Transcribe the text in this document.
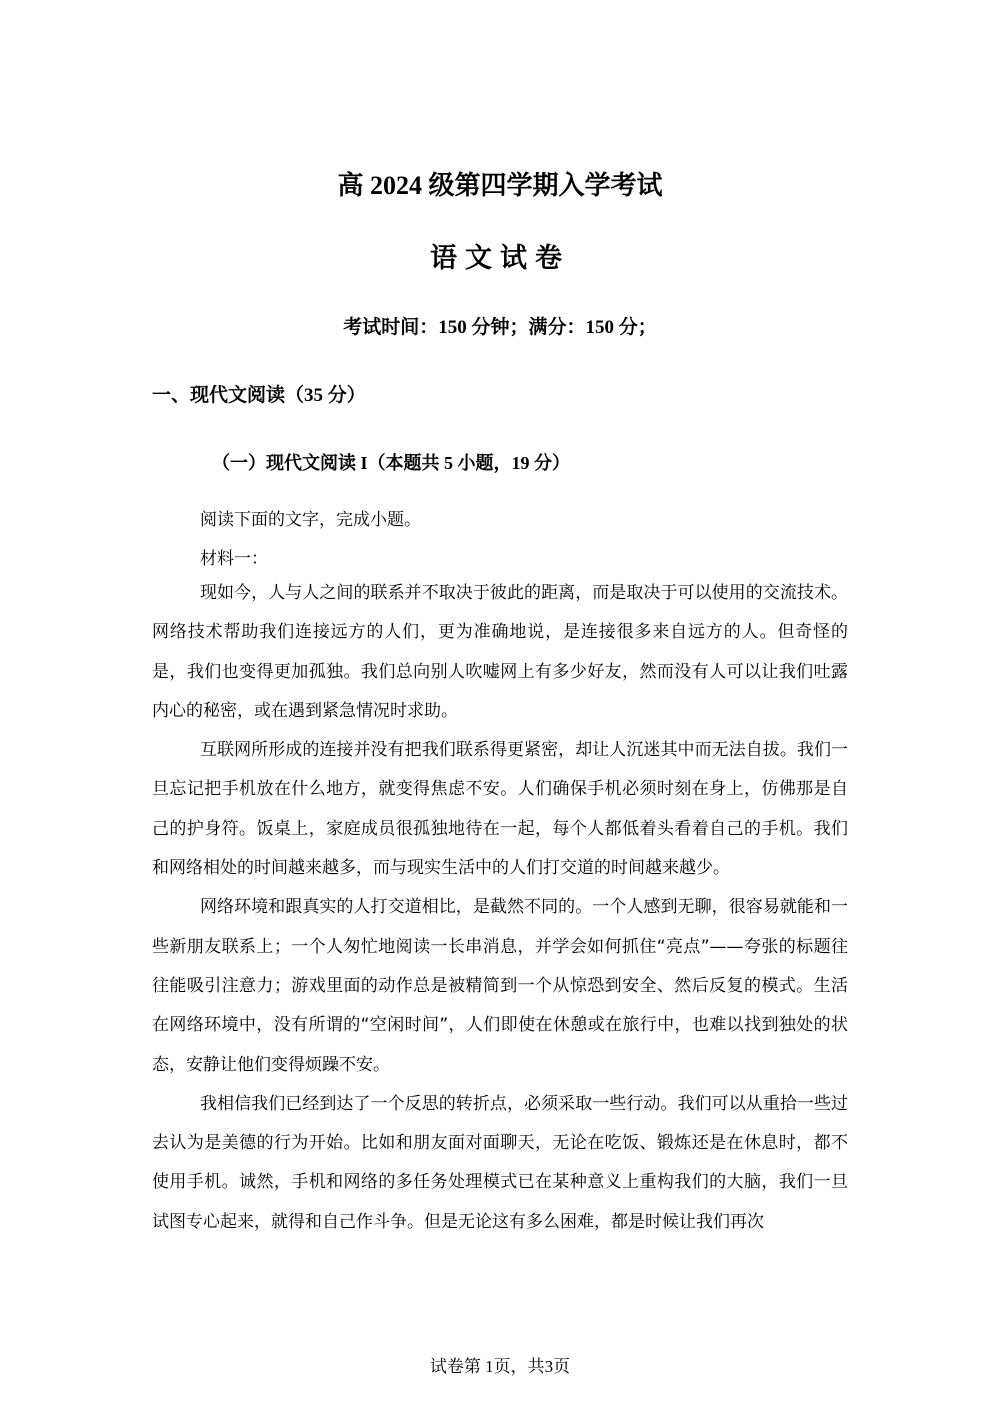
高 2024 级第四学期入学考试
语文试卷
考试时间：150 分钟；满分：150 分；
一、现代文阅读（35 分）
（一）现代文阅读 I（本题共 5 小题，19 分）

阅读下面的文字，完成小题。

材料一：

现如今，人与人之间的联系并不取决于彼此的距离，而是取决于可以使用的交流技术。网络技术帮助我们连接远方的人们，更为准确地说，是连接很多来自远方的人。但奇怪的是，我们也变得更加孤独。我们总向别人吹嘘网上有多少好友，然而没有人可以让我们吐露内心的秘密，或在遇到紧急情况时求助。

互联网所形成的连接并没有把我们联系得更紧密，却让人沉迷其中而无法自拔。我们一旦忘记把手机放在什么地方，就变得焦虑不安。人们确保手机必须时刻在身上，仿佛那是自己的护身符。饭桌上，家庭成员很孤独地待在一起，每个人都低着头看着自己的手机。我们和网络相处的时间越来越多，而与现实生活中的人们打交道的时间越来越少。

网络环境和跟真实的人打交道相比，是截然不同的。一个人感到无聊，很容易就能和一些新朋友联系上；一个人匆忙地阅读一长串消息，并学会如何抓住“亮点”——夸张的标题往往能吸引注意力；游戏里面的动作总是被精简到一个从惊恐到安全、然后反复的模式。生活在网络环境中，没有所谓的“空闲时间”，人们即使在休憩或在旅行中，也难以找到独处的状态，安静让他们变得烦躁不安。

我相信我们已经到达了一个反思的转折点，必须采取一些行动。我们可以从重拾一些过去认为是美德的行为开始。比如和朋友面对面聊天，无论在吃饭、锻炼还是在休息时，都不使用手机。诚然，手机和网络的多任务处理模式已在某种意义上重构我们的大脑，我们一旦试图专心起来，就得和自己作斗争。但是无论这有多么困难，都是时候让我们再次

试卷第 1页，共3页
